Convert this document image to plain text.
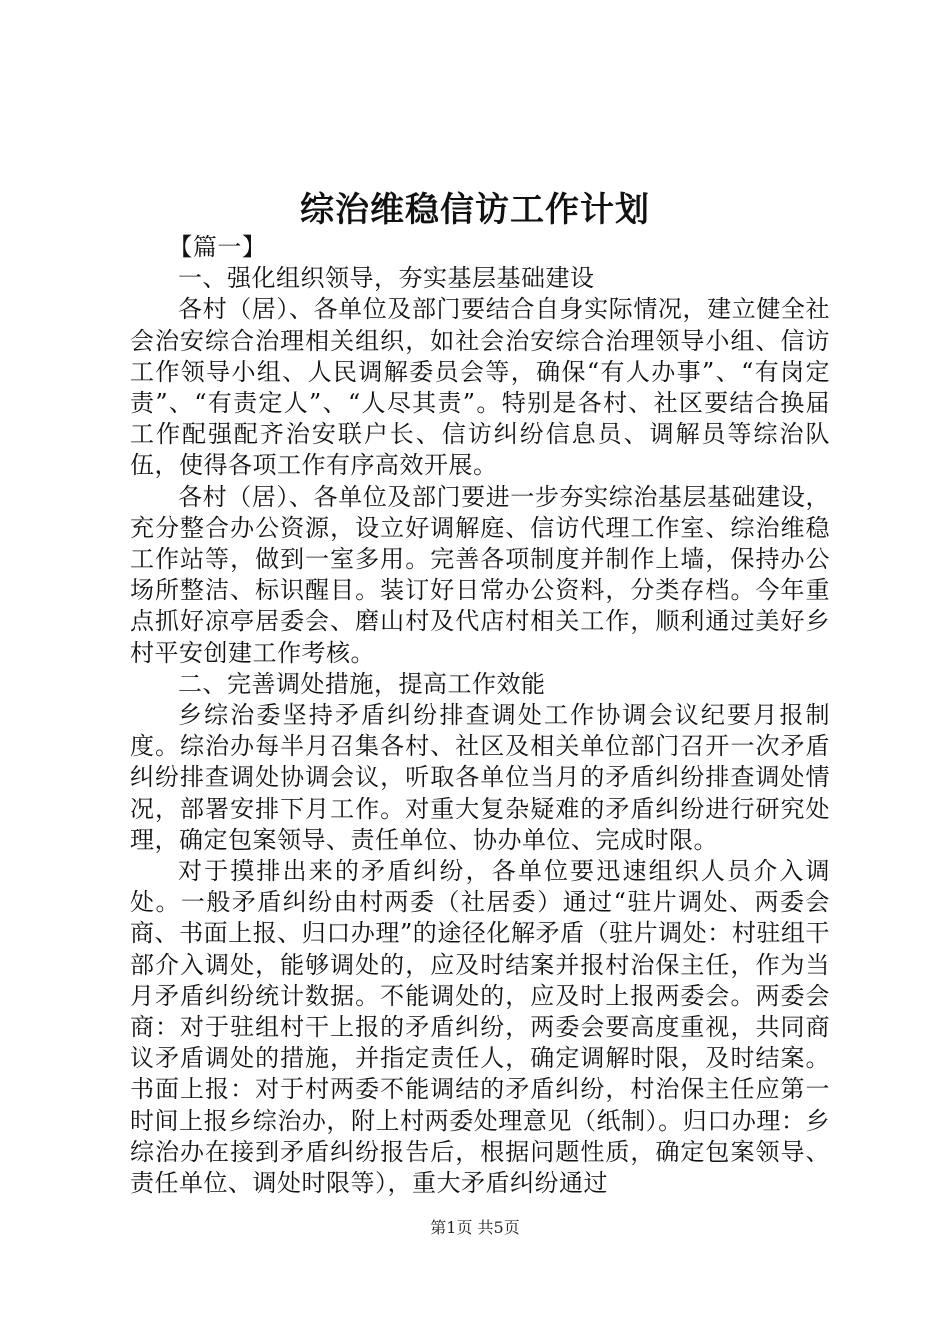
综治维稳信访工作计划

【篇一】

一、强化组织领导，夯实基层基础建设

各村（居）、各单位及部门要结合自身实际情况，建立健全社会治安综合治理相关组织，如社会治安综合治理领导小组、信访工作领导小组、人民调解委员会等，确保“有人办事”、“有岗定责”、“有责定人”、“人尽其责”。特别是各村、社区要结合换届工作配强配齐治安联户长、信访纠纷信息员、调解员等综治队伍，使得各项工作有序高效开展。

各村（居）、各单位及部门要进一步夯实综治基层基础建设，充分整合办公资源，设立好调解庭、信访代理工作室、综治维稳工作站等，做到一室多用。完善各项制度并制作上墙，保持办公场所整洁、标识醒目。装订好日常办公资料，分类存档。今年重点抓好凉亭居委会、磨山村及代店村相关工作，顺利通过美好乡村平安创建工作考核。

二、完善调处措施，提高工作效能

乡综治委坚持矛盾纠纷排查调处工作协调会议纪要月报制度。综治办每半月召集各村、社区及相关单位部门召开一次矛盾纠纷排查调处协调会议，听取各单位当月的矛盾纠纷排查调处情况，部署安排下月工作。对重大复杂疑难的矛盾纠纷进行研究处理，确定包案领导、责任单位、协办单位、完成时限。

对于摸排出来的矛盾纠纷，各单位要迅速组织人员介入调处。一般矛盾纠纷由村两委（社居委）通过“驻片调处、两委会商、书面上报、归口办理”的途径化解矛盾（驻片调处：村驻组干部介入调处，能够调处的，应及时结案并报村治保主任，作为当月矛盾纠纷统计数据。不能调处的，应及时上报两委会。两委会商：对于驻组村干上报的矛盾纠纷，两委会要高度重视，共同商议矛盾调处的措施，并指定责任人，确定调解时限，及时结案。书面上报：对于村两委不能调结的矛盾纠纷，村治保主任应第一时间上报乡综治办，附上村两委处理意见（纸制）。归口办理：乡综治办在接到矛盾纠纷报告后，根据问题性质，确定包案领导、责任单位、调处时限等），重大矛盾纠纷通过

第1页 共5页
